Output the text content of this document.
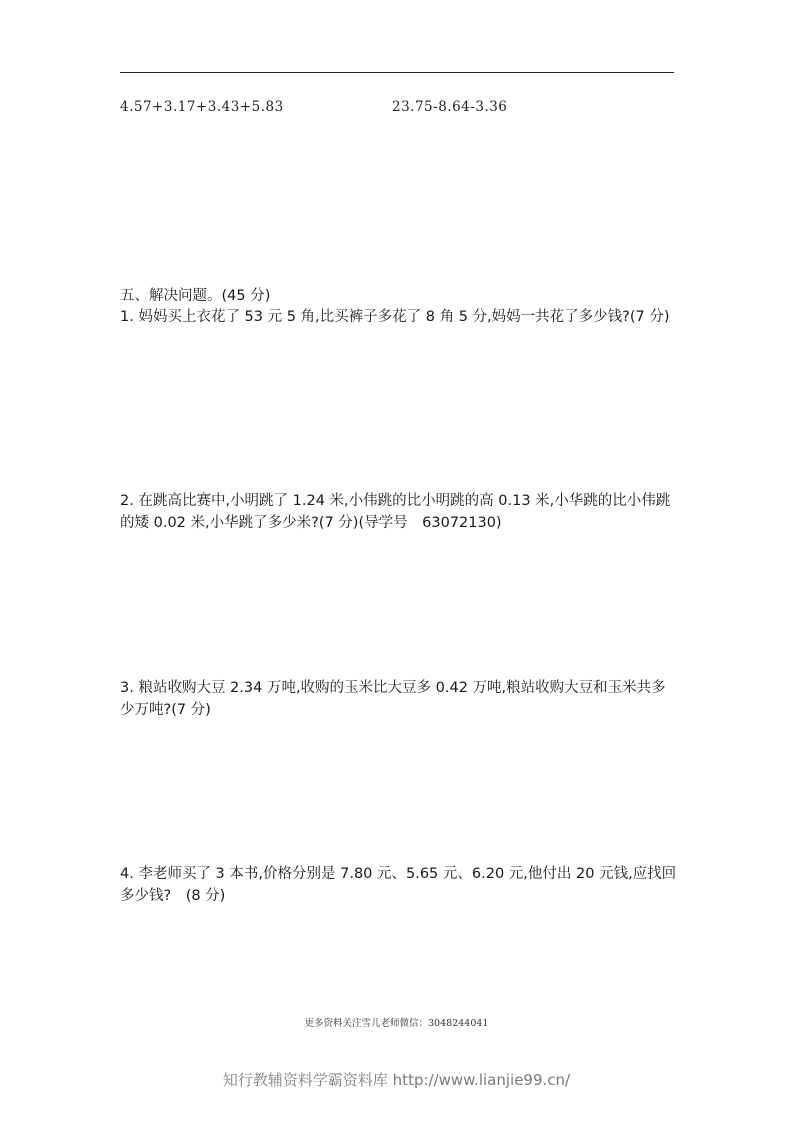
4.57+3.17+3.43+5.83	23.75-8.64-3.36
五、解决问题。(45 分)
1. 妈妈买上衣花了 53 元 5 角,比买裤子多花了 8 角 5 分,妈妈一共花了多少钱?(7 分)
2. 在跳高比赛中,小明跳了 1.24 米,小伟跳的比小明跳的高 0.13 米,小华跳的比小伟跳的矮 0.02 米,小华跳了多少米?(7 分)(导学号　63072130)
3. 粮站收购大豆 2.34 万吨,收购的玉米比大豆多 0.42 万吨,粮站收购大豆和玉米共多少万吨?(7 分)
4. 李老师买了 3 本书,价格分别是 7.80 元、5.65 元、6.20 元,他付出 20 元钱,应找回多少钱?　(8 分)
更多资料关注雪儿老师微信：3048244041
知行教辅资料学霸资料库 http://www.lianjie99.cn/
